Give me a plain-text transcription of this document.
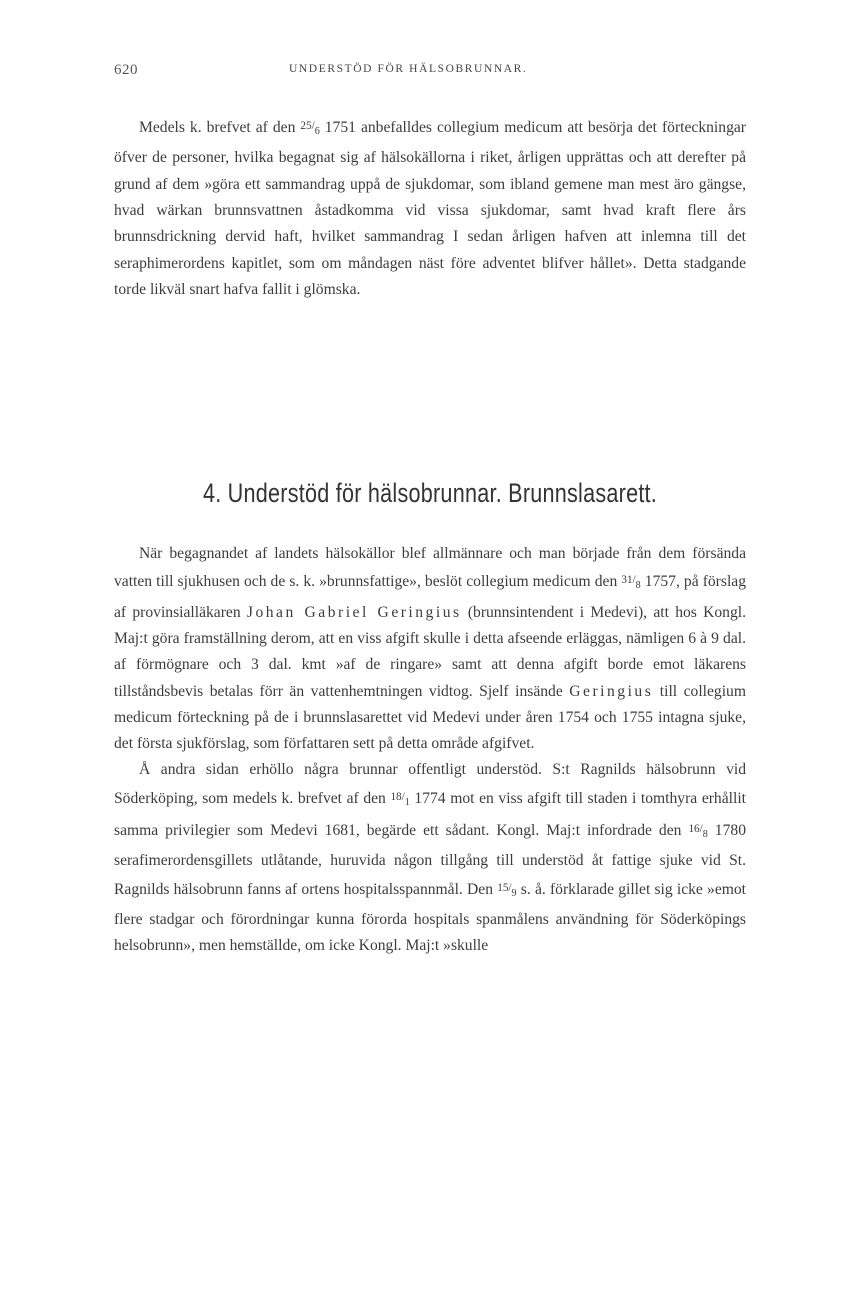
620	UNDERSTÖD FÖR HÄLSOBRUNNAR.

Medels k. brefvet af den $25/_6$ 1751 anbefalldes collegium medicum att besörja det förteckningar öfver de personer, hvilka begagnat sig af hälsokällorna i riket, årligen upprättas och att derefter på grund af dem »göra ett sammandrag uppå de sjukdomar, som ibland gemene man mest äro gängse, hvad wärkan brunnsvattnen åstadkomma vid vissa sjukdomar, samt hvad kraft flere års brunnsdrickning dervid haft, hvilket sammandrag I sedan årligen hafven att inlemna till det seraphimerordens kapitlet, som om måndagen näst före adventet blifver hållet». Detta stadgande torde likväl snart hafva fallit i glömska.

4. Understöd för hälsobrunnar. Brunnslasarett.

När begagnandet af landets hälsokällor blef allmännare och man började från dem försända vatten till sjukhusen och de s. k. »brunnsfattige», beslöt collegium medicum den $31/_8$ 1757, på förslag af provinsialläkaren Johan Gabriel Geringius (brunnsintendent i Medevi), att hos Kongl. Maj:t göra framställning derom, att en viss afgift skulle i detta afseende erläggas, nämligen 6 à 9 dal. af förmögnare och 3 dal. kmt »af de ringare» samt att denna afgift borde emot läkarens tillståndsbevis betalas förr än vattenhemtningen vidtog. Sjelf insände Geringius till collegium medicum förteckning på de i brunnslasarettet vid Medevi under åren 1754 och 1755 intagna sjuke, det första sjukförslag, som författaren sett på detta område afgifvet.

Å andra sidan erhöllo några brunnar offentligt understöd. S:t Ragnilds hälsobrunn vid Söderköping, som medels k. brefvet af den $18/_1$ 1774 mot en viss afgift till staden i tomthyra erhållit samma privilegier som Medevi 1681, begärde ett sådant. Kongl. Maj:t infordrade den $16/_8$ 1780 serafimerordensgillets utlåtande, huruvida någon tillgång till understöd åt fattige sjuke vid St. Ragnilds hälsobrunn fanns af ortens hospitalsspannmål. Den $15/_9$ s. å. förklarade gillet sig icke »emot flere stadgar och förordningar kunna förorda hospitals spanmålens användning för Söderköpings helsobrunn», men hemställde, om icke Kongl. Maj:t »skulle
